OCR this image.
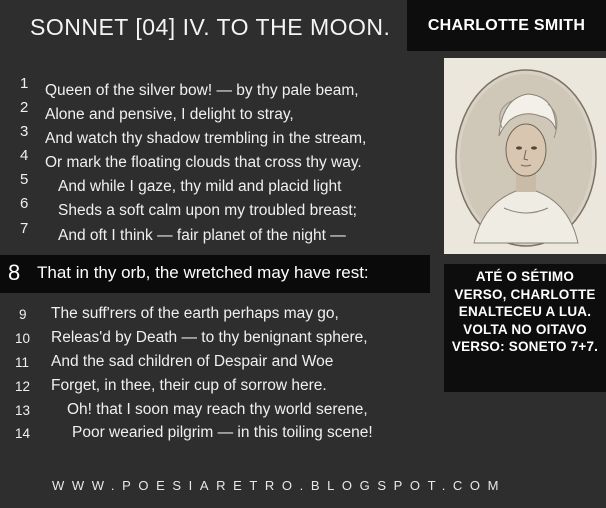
SONNET [04] IV. TO THE MOON. CHARLOTTE SMITH
1 Queen of the silver bow! — by thy pale beam,
2 Alone and pensive, I delight to stray,
3 And watch thy shadow trembling in the stream,
4 Or mark the floating clouds that cross thy way.
5 And while I gaze, thy mild and placid light
6 Sheds a soft calm upon my troubled breast;
7 And oft I think — fair planet of the night —
8 That in thy orb, the wretched may have rest:
9 The suff'rers of the earth perhaps may go,
10 Releas'd by Death — to thy benignant sphere,
11 And the sad children of Despair and Woe
12 Forget, in thee, their cup of sorrow here.
13 Oh! that I soon may reach thy world serene,
14	Poor wearied pilgrim — in this toiling scene!
ATÉ O SÉTIMO VERSO, CHARLOTTE ENALTECEU A LUA. VOLTA NO OITAVO VERSO: SONETO 7+7.
WWW.POESIARETRO.BLOGSPOT.COM
